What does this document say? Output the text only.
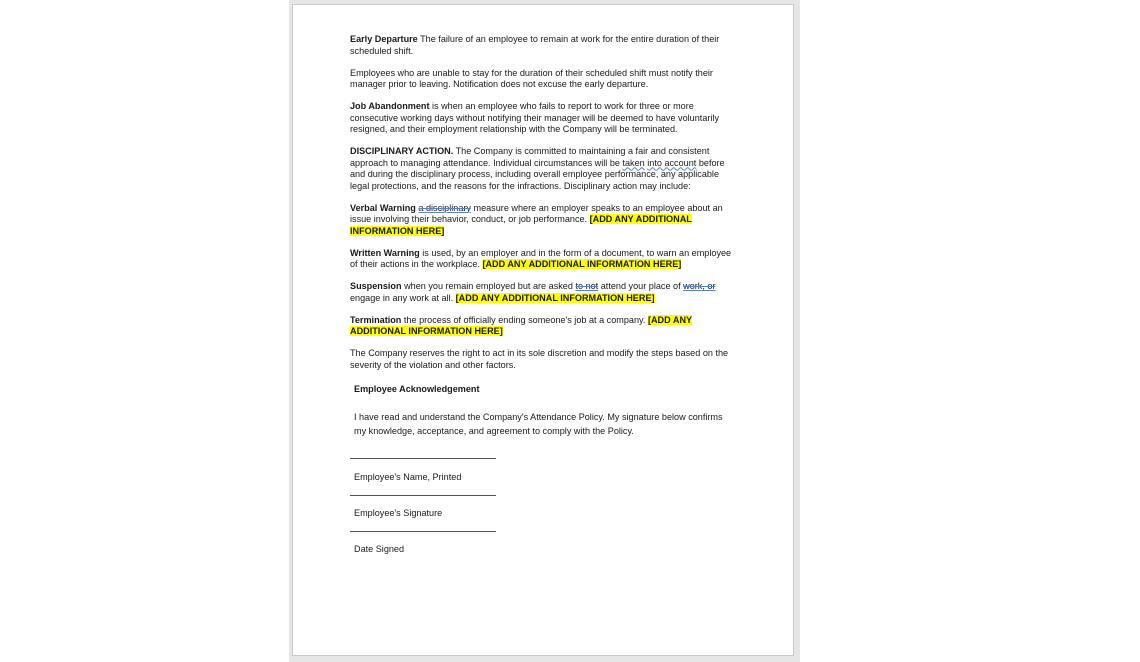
Early Departure The failure of an employee to remain at work for the entire duration of their scheduled shift.

Employees who are unable to stay for the duration of their scheduled shift must notify their manager prior to leaving. Notification does not excuse the early departure.

Job Abandonment is when an employee who fails to report to work for three or more consecutive working days without notifying their manager will be deemed to have voluntarily resigned, and their employment relationship with the Company will be terminated.

DISCIPLINARY ACTION. The Company is committed to maintaining a fair and consistent approach to managing attendance. Individual circumstances will be taken into account before and during the disciplinary process, including overall employee performance, any applicable legal protections, and the reasons for the infractions. Disciplinary action may include:

Verbal Warning a disciplinary measure where an employer speaks to an employee about an issue involving their behavior, conduct, or job performance. [ADD ANY ADDITIONAL INFORMATION HERE]

Written Warning is used, by an employer and in the form of a document, to warn an employee of their actions in the workplace. [ADD ANY ADDITIONAL INFORMATION HERE]

Suspension when you remain employed but are asked to not attend your place of work, or engage in any work at all. [ADD ANY ADDITIONAL INFORMATION HERE]

Termination the process of officially ending someone's job at a company. [ADD ANY ADDITIONAL INFORMATION HERE]

The Company reserves the right to act in its sole discretion and modify the steps based on the severity of the violation and other factors.

Employee Acknowledgement

I have read and understand the Company's Attendance Policy. My signature below confirms my knowledge, acceptance, and agreement to comply with the Policy.

Employee's Name, Printed
Employee's Signature
Date Signed
